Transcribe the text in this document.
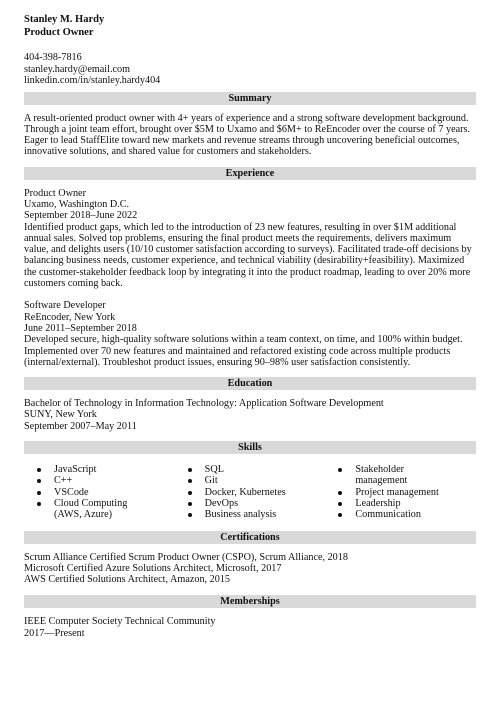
Stanley M. Hardy
Product Owner
404-398-7816
stanley.hardy@email.com
linkedin.com/in/stanley.hardy404
Summary

A result-oriented product owner with 4+ years of experience and a strong software development background. Through a joint team effort, brought over $5M to Uxamo and $6M+ to ReEncoder over the course of 7 years. Eager to lead StaffElite toward new markets and revenue streams through uncovering beneficial outcomes, innovative solutions, and shared value for customers and stakeholders.

Experience
Product Owner
Uxamo, Washington D.C.
September 2018–June 2022

Identified product gaps, which led to the introduction of 23 new features, resulting in over $1M additional annual sales. Solved top problems, ensuring the final product meets the requirements, delivers maximum value, and delights users (10/10 customer satisfaction according to surveys). Facilitated trade-off decisions by balancing business needs, customer experience, and technical viability (desirability+feasibility). Maximized the customer-stakeholder feedback loop by integrating it into the product roadmap, leading to over 20% more customers coming back.

Software Developer
ReEncoder, New York
June 2011–September 2018

Developed secure, high-quality software solutions within a team context, on time, and 100% within budget. Implemented over 70 new features and maintained and refactored existing code across multiple products (internal/external). Troubleshot product issues, ensuring 90–98% user satisfaction consistently.

Education
Bachelor of Technology in Information Technology: Application Software Development
SUNY, New York
September 2007–May 2011
Skills
JavaScript
C++
VSCode
Cloud Computing (AWS, Azure)
SQL
Git
Docker, Kubernetes
DevOps
Business analysis
Stakeholder management
Project management
Leadership
Communication
Certifications
Scrum Alliance Certified Scrum Product Owner (CSPO), Scrum Alliance, 2018
Microsoft Certified Azure Solutions Architect, Microsoft, 2017
AWS Certified Solutions Architect, Amazon, 2015
Memberships
IEEE Computer Society Technical Community
2017—Present
